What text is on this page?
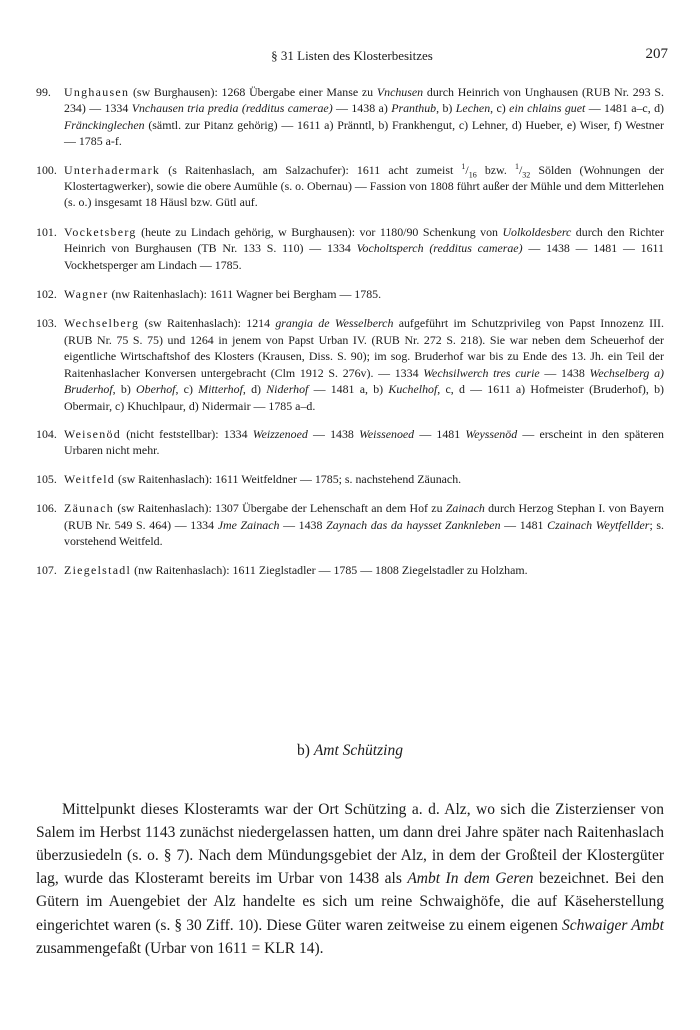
§ 31 Listen des Klosterbesitzes	207

99. Unghausen (sw Burghausen): 1268 Übergabe einer Manse zu Vnchusen durch Heinrich von Unghausen (RUB Nr. 293 S. 234) — 1334 Vnchausen tria predia (redditus camerae) — 1438 a) Pranthub, b) Lechen, c) ein chlains guet — 1481 a–c, d) Fränckinglechen (sämtl. zur Pitanz gehörig) — 1611 a) Pränntl, b) Frankhengut, c) Lehner, d) Hueber, e) Wiser, f) Westner — 1785 a-f.

100. Unterhadermark (s Raitenhaslach, am Salzachufer): 1611 acht zumeist $^1/_{16}$ bzw. $^1/_{32}$ Sölden (Wohnungen der Klostertagwerker), sowie die obere Aumühle (s. o. Obernau) — Fassion von 1808 führt außer der Mühle und dem Mitterlehen (s. o.) insgesamt 18 Häusl bzw. Gütl auf.

101. Vocketsberg (heute zu Lindach gehörig, w Burghausen): vor 1180/90 Schenkung von Uolkoldesberc durch den Richter Heinrich von Burghausen (TB Nr. 133 S. 110) — 1334 Vocholtsperch (redditus camerae) — 1438 — 1481 — 1611 Vockhetsperger am Lindach — 1785.

102. Wagner (nw Raitenhaslach): 1611 Wagner bei Bergham — 1785.

103. Wechselberg (sw Raitenhaslach): 1214 grangia de Wesselberch aufgeführt im Schutzprivileg von Papst Innozenz III. (RUB Nr. 75 S. 75) und 1264 in jenem von Papst Urban IV. (RUB Nr. 272 S. 218). Sie war neben dem Scheuerhof der eigentliche Wirtschaftshof des Klosters (Krausen, Diss. S. 90); im sog. Bruderhof war bis zu Ende des 13. Jh. ein Teil der Raitenhaslacher Konversen untergebracht (Clm 1912 S. 276v). — 1334 Wechsilwerch tres curie — 1438 Wechselberg a) Bruderhof, b) Oberhof, c) Mitterhof, d) Niderhof — 1481 a, b) Kuchelhof, c, d — 1611 a) Hofmeister (Bruderhof), b) Obermair, c) Khuchlpaur, d) Nidermair — 1785 a–d.

104. Weisenöd (nicht feststellbar): 1334 Weizzenoed — 1438 Weissenoed — 1481 Weyssenöd — erscheint in den späteren Urbaren nicht mehr.

105. Weitfeld (sw Raitenhaslach): 1611 Weitfeldner — 1785; s. nachstehend Zäunach.

106. Zäunach (sw Raitenhaslach): 1307 Übergabe der Lehenschaft an dem Hof zu Zainach durch Herzog Stephan I. von Bayern (RUB Nr. 549 S. 464) — 1334 Jme Zainach — 1438 Zaynach das da haysset Zanknleben — 1481 Czainach Weytfellder; s. vorstehend Weitfeld.

107. Ziegelstadl (nw Raitenhaslach): 1611 Zieglstadler — 1785 — 1808 Ziegelstadler zu Holzham.

b) Amt Schützing

Mittelpunkt dieses Klosteramts war der Ort Schützing a. d. Alz, wo sich die Zisterzienser von Salem im Herbst 1143 zunächst niedergelassen hatten, um dann drei Jahre später nach Raitenhaslach überzusiedeln (s. o. § 7). Nach dem Mündungsgebiet der Alz, in dem der Großteil der Klostergüter lag, wurde das Klosteramt bereits im Urbar von 1438 als Ambt In dem Geren bezeichnet. Bei den Gütern im Auengebiet der Alz handelte es sich um reine Schwaighöfe, die auf Käseherstellung eingerichtet waren (s. § 30 Ziff. 10). Diese Güter waren zeitweise zu einem eigenen Schwaiger Ambt zusammengefaßt (Urbar von 1611 = KLR 14).
